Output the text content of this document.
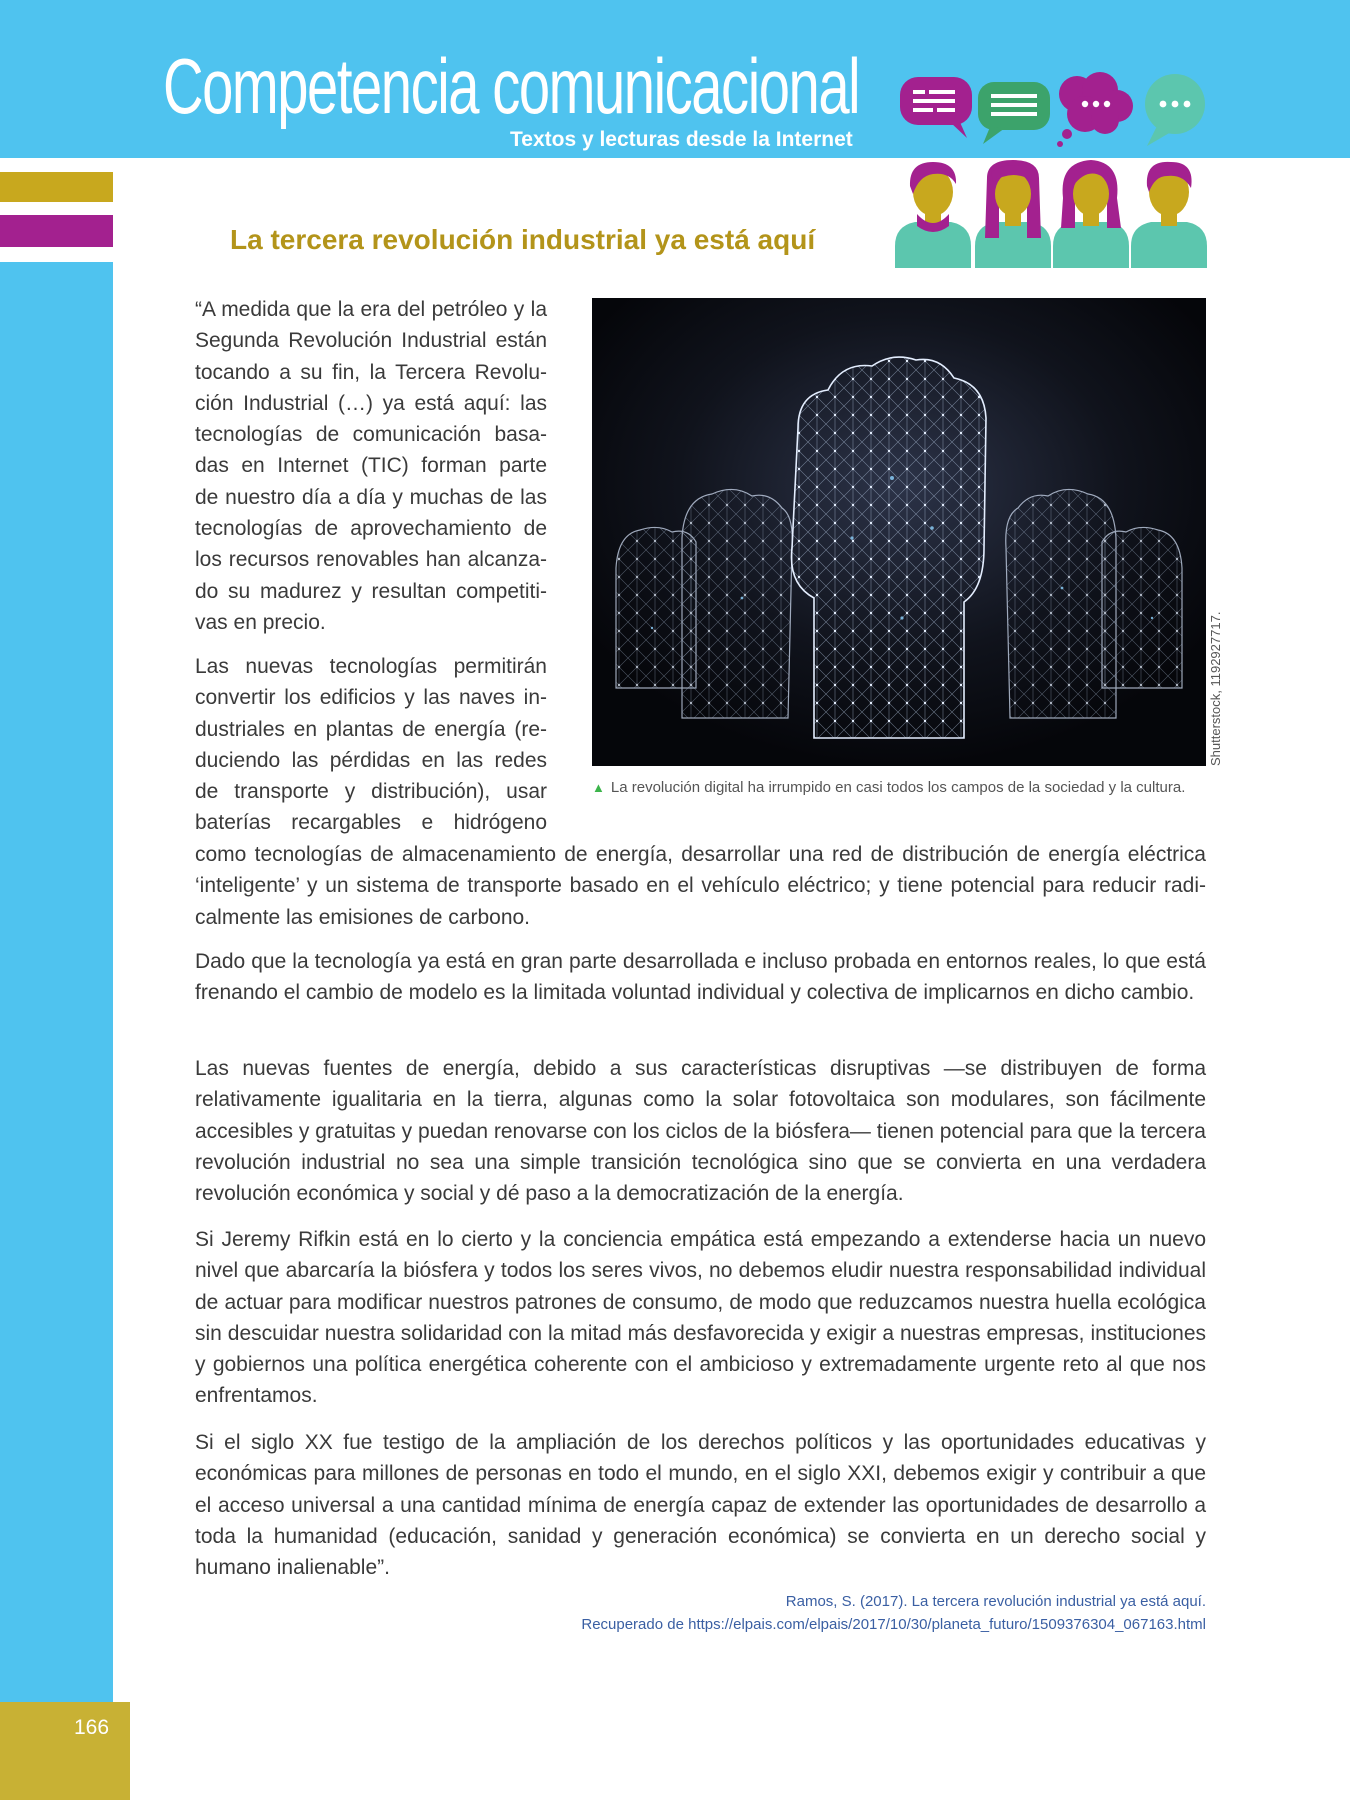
Competencia comunicacional
Textos y lecturas desde la Internet
166
La tercera revolución industrial ya está aquí
Shutterstock, 1192927717.
▲ La revolución digital ha irrumpido en casi todos los campos de la sociedad y la cultura.
“A medida que la era del petróleo y la
Segunda Revolución Industrial están
tocando a su fin, la Tercera Revolu-
ción Industrial (…) ya está aquí: las
tecnologías de comunicación basa-
das en Internet (TIC) forman parte
de nuestro día a día y muchas de las
tecnologías de aprovechamiento de
los recursos renovables han alcanza-
do su madurez y resultan competiti-
vas en precio.
Las nuevas tecnologías permitirán
convertir los edificios y las naves in-
dustriales en plantas de energía (re-
duciendo las pérdidas en las redes
de transporte y distribución), usar
baterías recargables e hidrógeno
como tecnologías de almacenamiento de energía, desarrollar una red de distribución de energía eléctrica
‘inteligente’ y un sistema de transporte basado en el vehículo eléctrico; y tiene potencial para reducir radi-
calmente las emisiones de carbono.

Dado que la tecnología ya está en gran parte desarrollada e incluso probada en entornos reales, lo que está frenando el cambio de modelo es la limitada voluntad individual y colectiva de implicarnos en dicho cambio.

Las nuevas fuentes de energía, debido a sus características disruptivas —se distribuyen de forma relativamente igualitaria en la tierra, algunas como la solar fotovoltaica son modulares, son fácilmente accesibles y gratuitas y puedan renovarse con los ciclos de la biósfera— tienen potencial para que la tercera revolución industrial no sea una simple transición tecnológica sino que se convierta en una verdadera revolución económica y social y dé paso a la democratización de la energía.

Si Jeremy Rifkin está en lo cierto y la conciencia empática está empezando a extenderse hacia un nuevo nivel que abarcaría la biósfera y todos los seres vivos, no debemos eludir nuestra responsabilidad individual de actuar para modificar nuestros patrones de consumo, de modo que reduzcamos nuestra huella ecológica sin descuidar nuestra solidaridad con la mitad más desfavorecida y exigir a nuestras empresas, instituciones y gobiernos una política energética coherente con el ambicioso y extremadamente urgente reto al que nos enfrentamos.

Si el siglo XX fue testigo de la ampliación de los derechos políticos y las oportunidades educativas y económicas para millones de personas en todo el mundo, en el siglo XXI, debemos exigir y contribuir a que el acceso universal a una cantidad mínima de energía capaz de extender las oportunidades de desarrollo a toda la humanidad (educación, sanidad y generación económica) se convierta en un derecho social y humano inalienable”.

Ramos, S. (2017). La tercera revolución industrial ya está aquí.
Recuperado de https://elpais.com/elpais/2017/10/30/planeta_futuro/1509376304_067163.html
